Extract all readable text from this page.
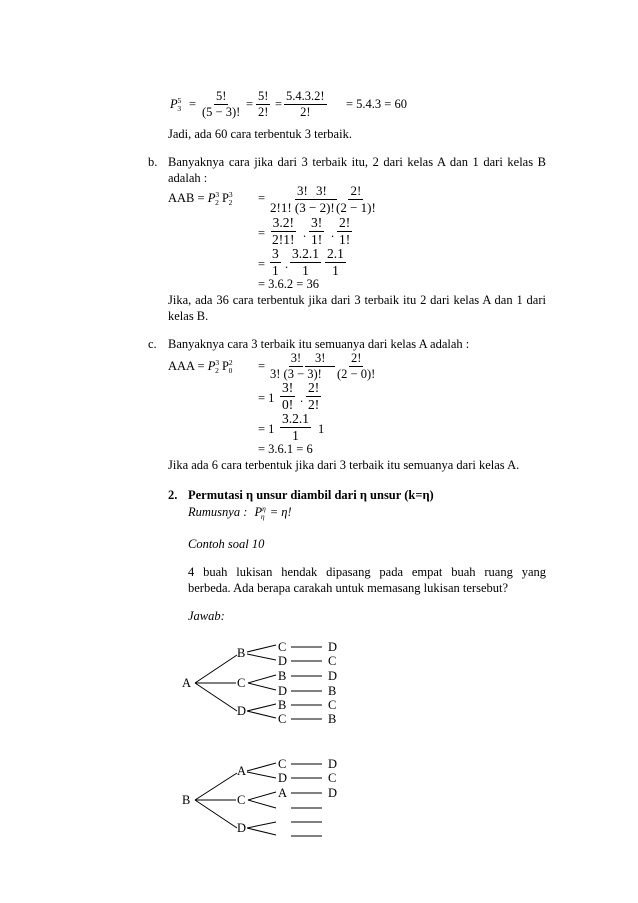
$P^5_3 = \frac{5!}{(5 - 3)!} = \frac{5!}{2!} = \frac{5.4.3.2!}{2!} = 5.4.3 = 60$
Jadi, ada 60 cara terbentuk 3 terbaik.
b. Banyaknya cara jika dari 3 terbaik itu, 2 dari kelas A dan 1 dari kelas B
adalah :
AAB = $P^3_2$ $P^3_2 = \frac{3!}{2!1! (3 - 2)!}$
3! $\frac{2!}{(2 - 1)!}$
= $\frac{3.2!}{2!1!}$ . $\frac{3!}{1!}$ . $\frac{2!}{1!}$
= $\frac{3}{1}$ . $\frac{3.2.1}{1} \frac{2.1}{1}$
= 3.6.2 = 36
Jika, ada 36 cara terbentuk jika dari 3 terbaik itu 2 dari kelas A dan 1 dari
kelas B.
c. Banyaknya cara 3 terbaik itu semuanya dari kelas A adalah :
AAA = $P^3_2$ $P^2_0 = \frac{3!}{3! (3 - 3)!}$
3! $\frac{2!}{(2 - 0)!}$
= $1 \frac{3!}{0!}$ . $\frac{2!}{2!}$
= $1 \frac{3.2.1}{1} 1$
= 3.6.1 = 6
Jika ada 6 cara terbentuk jika dari 3 terbaik itu semuanya dari kelas A.
2. Permutasi η unsur diambil dari η unsur (k=η)
Rumusnya : $P^\eta_\eta = \eta$!
Contoh soal 10
4 buah lukisan hendak dipasang pada empat buah ruang yang
berbeda. Ada berapa carakah untuk memasang lukisan tersebut?
Jawab:
A
B
C
D
C
D
B
D
B
C
D
C
D
B
C
B
B
A
C
D
C
D
A
D
C
D
